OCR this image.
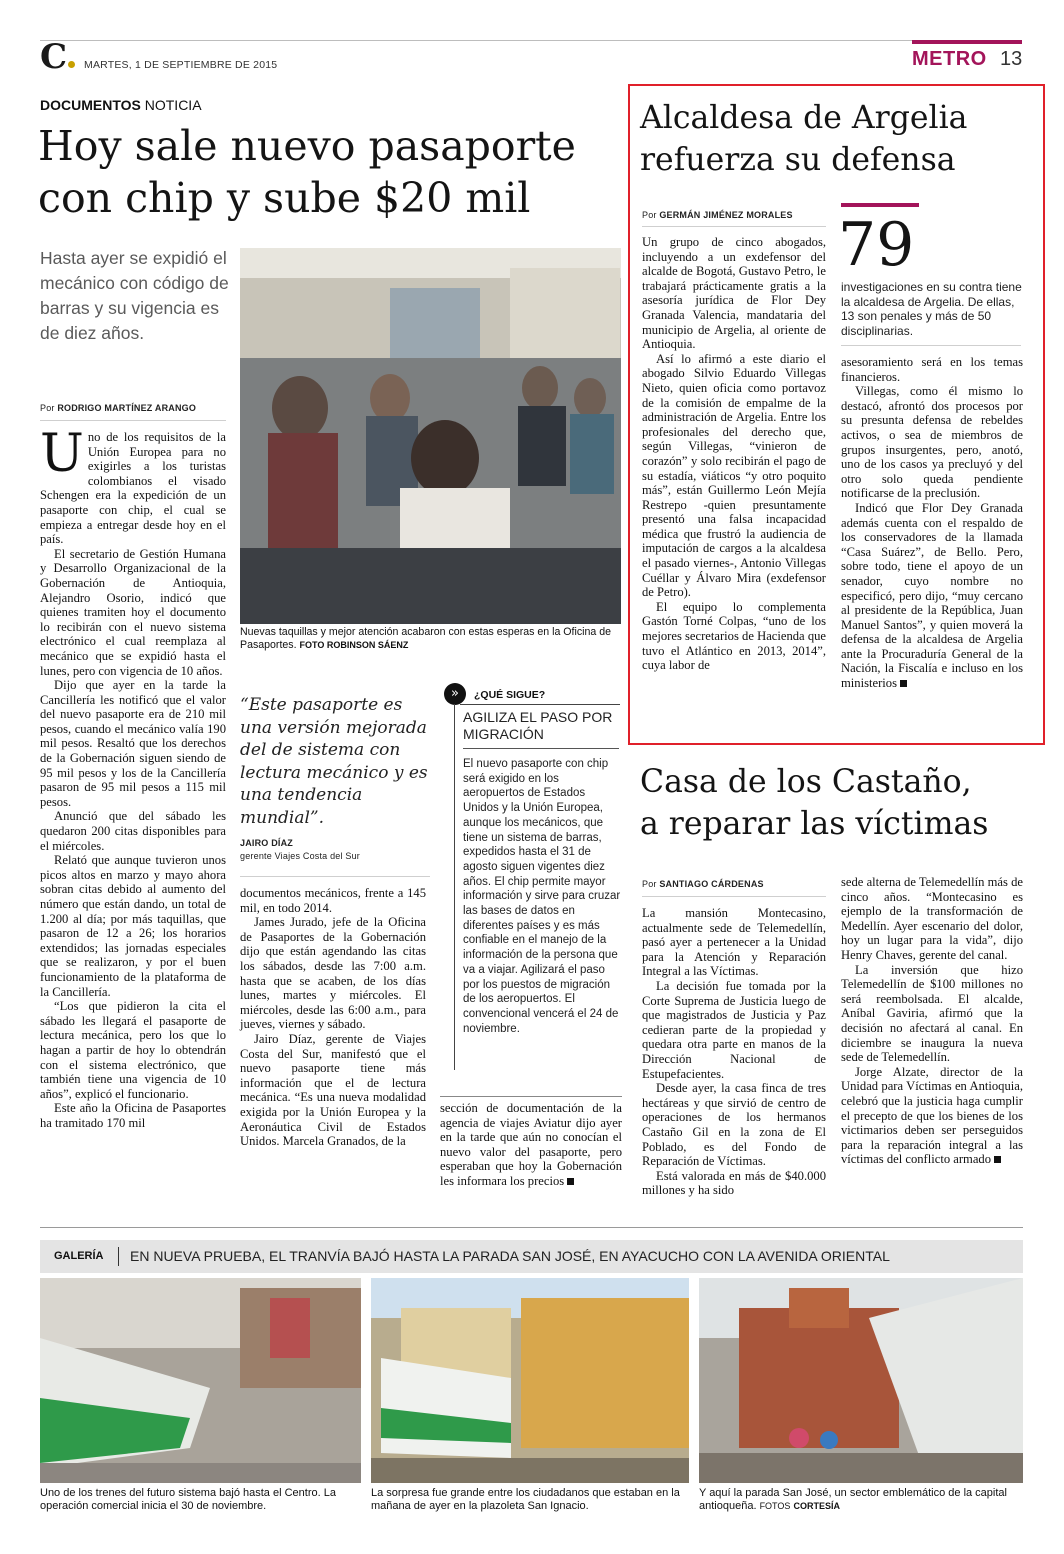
C	MARTES, 1 DE SEPTIEMBRE DE 2015	METRO 13
DOCUMENTOS NOTICIA
Hoy sale nuevo pasaporte
con chip y sube $20 mil
Hasta ayer se expidió el mecánico con código de barras y su vigencia es de diez años.
Por RODRIGO MARTÍNEZ ARANGO
Nuevas taquillas y mejor atención acabaron con estas esperas en la Oficina de Pasaportes. FOTO ROBINSON SÁENZ
U no de los requisitos de la Unión Europea para no exigirles a los turistas colombianos el visado Schengen era la expedición de un pasaporte con chip, el cual se empieza a entregar desde hoy en el país.

El secretario de Gestión Humana y Desarrollo Organizacional de la Gobernación de Antioquia, Alejandro Osorio, indicó que quienes tramiten hoy el documento lo recibirán con el nuevo sistema electrónico el cual reemplaza al mecánico que se expidió hasta el lunes, pero con vigencia de 10 años.

Dijo que ayer en la tarde la Cancillería les notificó que el valor del nuevo pasaporte era de 210 mil pesos, cuando el mecánico valía 190 mil pesos. Resaltó que los derechos de la Gobernación siguen siendo de 95 mil pesos y los de la Cancillería pasaron de 95 mil pesos a 115 mil pesos.

Anunció que del sábado les quedaron 200 citas disponibles para el miércoles.

Relató que aunque tuvieron unos picos altos en marzo y mayo ahora sobran citas debido al aumento del número que están dando, un total de 1.200 al día; por más taquillas, que pasaron de 12 a 26; los horarios extendidos; las jornadas especiales que se realizaron, y por el buen funcionamiento de la plataforma de la Cancillería.

“Los que pidieron la cita el sábado les llegará el pasaporte de lectura mecánica, pero los que lo hagan a partir de hoy lo obtendrán con el sistema electrónico, que también tiene una vigencia de 10 años”, explicó el funcionario.

Este año la Oficina de Pasaportes ha tramitado 170 mil

“Este pasaporte es una versión mejorada del de sistema con lectura mecánico y es una tendencia mundial”.
JAIRO DÍAZ
gerente Viajes Costa del Sur

documentos mecánicos, frente a 145 mil, en todo 2014.

James Jurado, jefe de la Oficina de Pasaportes de la Gobernación dijo que están agendando las citas los sábados, desde las 7:00 a.m. hasta que se acaben, de los días lunes, martes y miércoles. El miércoles, desde las 6:00 a.m., para jueves, viernes y sábado.

Jairo Díaz, gerente de Viajes Costa del Sur, manifestó que el nuevo pasaporte tiene más información que el de lectura mecánica. “Es una nueva modalidad exigida por la Unión Europea y la Aeronáutica Civil de Estados Unidos. Marcela Granados, de la

»	¿QUÉ SIGUE?
AGILIZA EL PASO POR MIGRACIÓN
El nuevo pasaporte con chip será exigido en los aeropuertos de Estados Unidos y la Unión Europea, aunque los mecánicos, que tiene un sistema de barras, expedidos hasta el 31 de agosto siguen vigentes diez años. El chip permite mayor información y sirve para cruzar las bases de datos en diferentes países y es más confiable en el manejo de la información de la persona que va a viajar. Agilizará el paso por los puestos de migración de los aeropuertos. El convencional vencerá el 24 de noviembre.

sección de documentación de la agencia de viajes Aviatur dijo ayer en la tarde que aún no conocían el nuevo valor del pasaporte, pero esperaban que hoy la Gobernación les informara los precios

Alcaldesa de Argelia
refuerza su defensa
Por GERMÁN JIMÉNEZ MORALES

Un grupo de cinco abogados, incluyendo a un exdefensor del alcalde de Bogotá, Gustavo Petro, le trabajará prácticamente gratis a la asesoría jurídica de Flor Dey Granada Valencia, mandataria del municipio de Argelia, al oriente de Antioquia.

Así lo afirmó a este diario el abogado Silvio Eduardo Villegas Nieto, quien oficia como portavoz de la comisión de empalme de la administración de Argelia. Entre los profesionales del derecho que, según Villegas, “vinieron de corazón” y solo recibirán el pago de su estadía, viáticos “y otro poquito más”, están Guillermo León Mejía Restrepo -quien presuntamente presentó una falsa incapacidad médica que frustró la audiencia de imputación de cargos a la alcaldesa el pasado viernes-, Antonio Villegas Cuéllar y Álvaro Mira (exdefensor de Petro).

El equipo lo complementa Gastón Torné Colpas, “uno de los mejores secretarios de Hacienda que tuvo el Atlántico en 2013, 2014”, cuya labor de

79
investigaciones en su contra tiene la alcaldesa de Argelia. De ellas, 13 son penales y más de 50 disciplinarias.

asesoramiento será en los temas financieros.

Villegas, como él mismo lo destacó, afrontó dos procesos por su presunta defensa de rebeldes activos, o sea de miembros de grupos insurgentes, pero, anotó, uno de los casos ya precluyó y del otro solo queda pendiente notificarse de la preclusión.

Indicó que Flor Dey Granada además cuenta con el respaldo de los conservadores de la llamada “Casa Suárez”, de Bello. Pero, sobre todo, tiene el apoyo de un senador, cuyo nombre no especificó, pero dijo, “muy cercano al presidente de la República, Juan Manuel Santos”, y quien moverá la defensa de la alcaldesa de Argelia ante la Procuraduría General de la Nación, la Fiscalía e incluso en los ministerios

Casa de los Castaño,
a reparar las víctimas
Por SANTIAGO CÁRDENAS

La mansión Montecasino, actualmente sede de Telemedellín, pasó ayer a pertenecer a la Unidad para la Atención y Reparación Integral a las Víctimas.

La decisión fue tomada por la Corte Suprema de Justicia luego de que magistrados de Justicia y Paz cedieran parte de la propiedad y quedara otra parte en manos de la Dirección Nacional de Estupefacientes.

Desde ayer, la casa finca de tres hectáreas y que sirvió de centro de operaciones de los hermanos Castaño Gil en la zona de El Poblado, es del Fondo de Reparación de Víctimas.

Está valorada en más de $40.000 millones y ha sido

sede alterna de Telemedellín más de cinco años. “Montecasino es ejemplo de la transformación de Medellín. Ayer escenario del dolor, hoy un lugar para la vida”, dijo Henry Chaves, gerente del canal.

La inversión que hizo Telemedellín de $100 millones no será reembolsada. El alcalde, Aníbal Gaviria, afirmó que la decisión no afectará al canal. En diciembre se inaugura la nueva sede de Telemedellín.

Jorge Alzate, director de la Unidad para Víctimas en Antioquia, celebró que la justicia haga cumplir el precepto de que los bienes de los victimarios deben ser perseguidos para la reparación integral a las víctimas del conflicto armado

GALERÍA EN NUEVA PRUEBA, EL TRANVÍA BAJÓ HASTA LA PARADA SAN JOSÉ, EN AYACUCHO CON LA AVENIDA ORIENTAL
Uno de los trenes del futuro sistema bajó hasta el Centro. La operación comercial inicia el 30 de noviembre.
La sorpresa fue grande entre los ciudadanos que estaban en la mañana de ayer en la plazoleta San Ignacio.
Y aquí la parada San José, un sector emblemático de la capital antioqueña. FOTOS CORTESÍA
